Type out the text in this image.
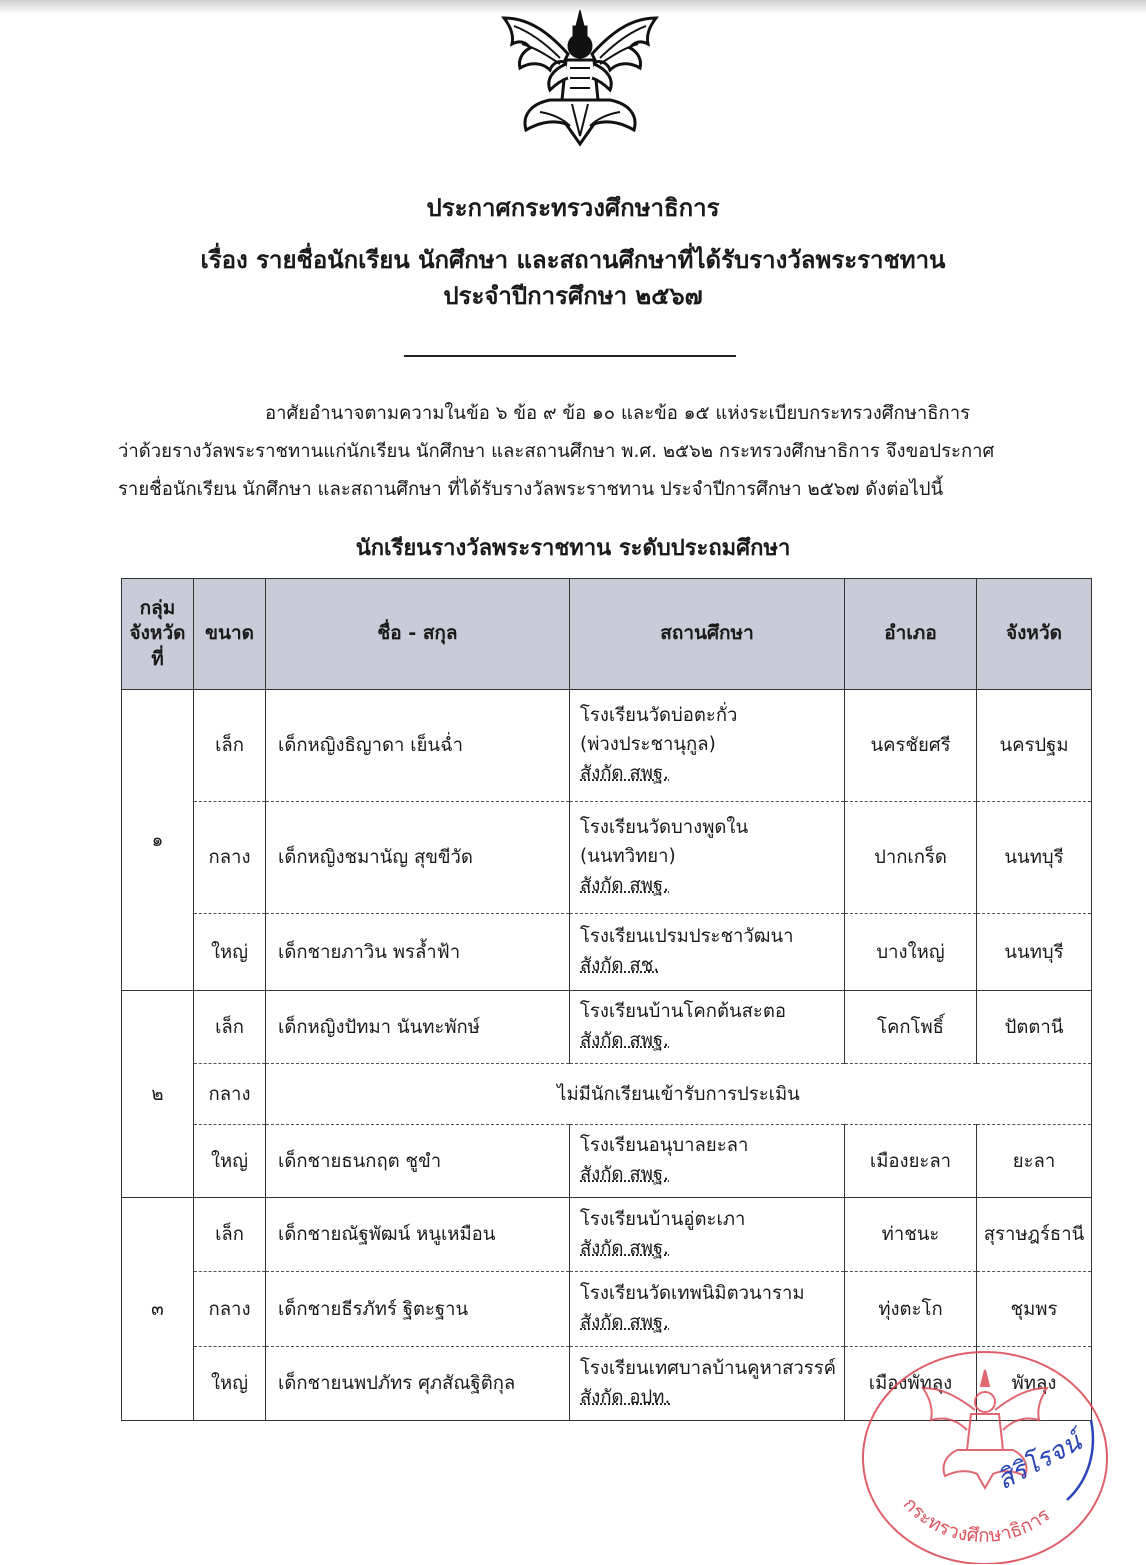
ประกาศกระทรวงศึกษาธิการ
เรื่อง รายชื่อนักเรียน นักศึกษา และสถานศึกษาที่ได้รับรางวัลพระราชทาน
ประจำปีการศึกษา ๒๕๖๗
อาศัยอำนาจตามความในข้อ ๖ ข้อ ๙ ข้อ ๑๐ และข้อ ๑๕ แห่งระเบียบกระทรวงศึกษาธิการ
ว่าด้วยรางวัลพระราชทานแก่นักเรียน นักศึกษา และสถานศึกษา พ.ศ. ๒๕๖๒ กระทรวงศึกษาธิการ จึงขอประกาศ
รายชื่อนักเรียน นักศึกษา และสถานศึกษา ที่ได้รับรางวัลพระราชทาน ประจำปีการศึกษา ๒๕๖๗ ดังต่อไปนี้
นักเรียนรางวัลพระราชทาน ระดับประถมศึกษา
กลุ่ม
จังหวัด
ที่	ขนาด	ชื่อ - สกุล	สถานศึกษา	อำเภอ	จังหวัด
๑	เล็ก	เด็กหญิงธิญาดา เย็นฉ่ำ	โรงเรียนวัดบ่อตะกั่ว
(พ่วงประชานุกูล)
สังกัด สพฐ.	นครชัยศรี	นครปฐม
	กลาง	เด็กหญิงชมานัญ สุขขีวัด	โรงเรียนวัดบางพูดใน
(นนทวิทยา)
สังกัด สพฐ.	ปากเกร็ด	นนทบุรี
	ใหญ่	เด็กชายภาวิน พรล้ำฟ้า	โรงเรียนเปรมประชาวัฒนา
สังกัด สช.	บางใหญ่	นนทบุรี
๒	เล็ก	เด็กหญิงปัทมา นันทะพักษ์	โรงเรียนบ้านโคกต้นสะตอ
สังกัด สพฐ.	โคกโพธิ์	ปัตตานี
	กลาง	ไม่มีนักเรียนเข้ารับการประเมิน			
	ใหญ่	เด็กชายธนกฤต ชูขำ	โรงเรียนอนุบาลยะลา
สังกัด สพฐ.	เมืองยะลา	ยะลา
๓	เล็ก	เด็กชายณัฐพัฒน์ หนูเหมือน	โรงเรียนบ้านอู่ตะเภา
สังกัด สพฐ.	ท่าชนะ	สุราษฎร์ธานี
	กลาง	เด็กชายธีรภัทร์ ฐิตะฐาน	โรงเรียนวัดเทพนิมิตวนาราม
สังกัด สพฐ.	ทุ่งตะโก	ชุมพร
	ใหญ่	เด็กชายนพปภัทร ศุภสัณฐิติกุล	โรงเรียนเทศบาลบ้านคูหาสวรรค์
สังกัด อปท.	เมืองพัทลุง	พัทลุง
กระทรวงศึกษาธิการ
สิริโรจน์
